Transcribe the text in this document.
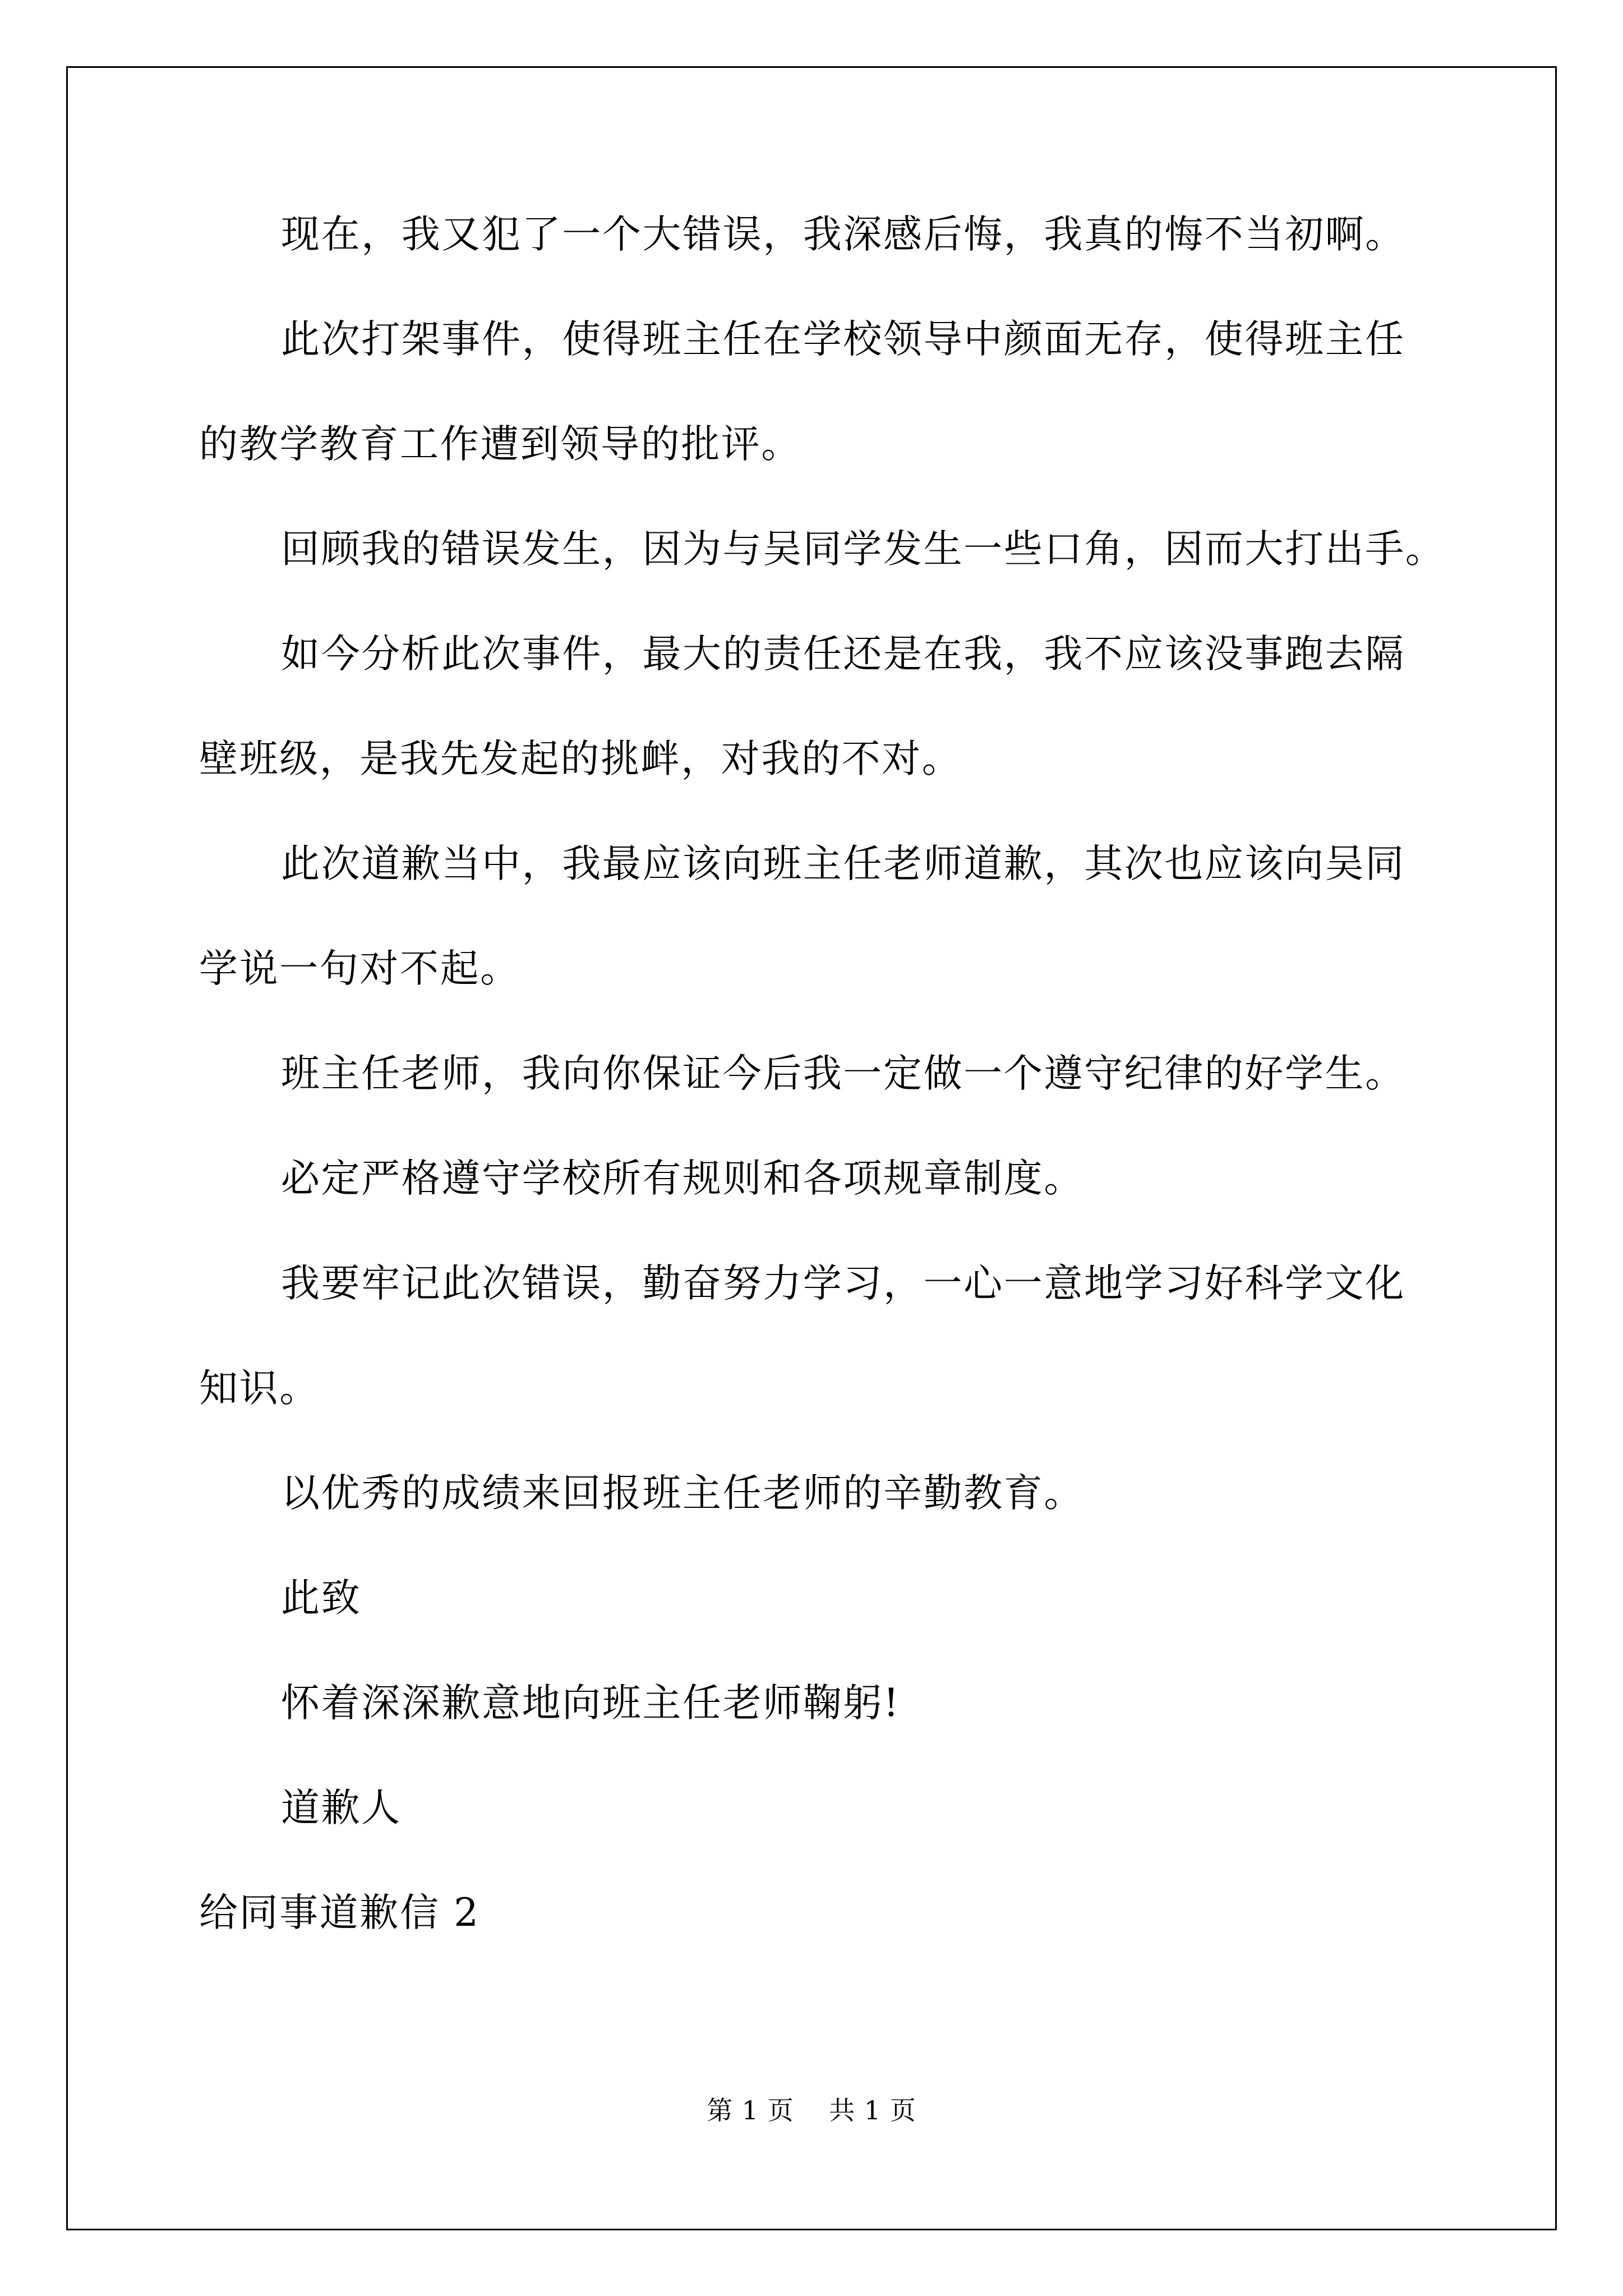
现在，我又犯了一个大错误，我深感后悔，我真的悔不当初啊。
此次打架事件，使得班主任在学校领导中颜面无存，使得班主任
的教学教育工作遭到领导的批评。
回顾我的错误发生，因为与吴同学发生一些口角，因而大打出手。
如今分析此次事件，最大的责任还是在我，我不应该没事跑去隔
壁班级，是我先发起的挑衅，对我的不对。
此次道歉当中，我最应该向班主任老师道歉，其次也应该向吴同
学说一句对不起。
班主任老师，我向你保证今后我一定做一个遵守纪律的好学生。
必定严格遵守学校所有规则和各项规章制度。
我要牢记此次错误，勤奋努力学习，一心一意地学习好科学文化
知识。
以优秀的成绩来回报班主任老师的辛勤教育。
此致
怀着深深歉意地向班主任老师鞠躬!
道歉人
给同事道歉信 2
第 1 页    共 1 页
